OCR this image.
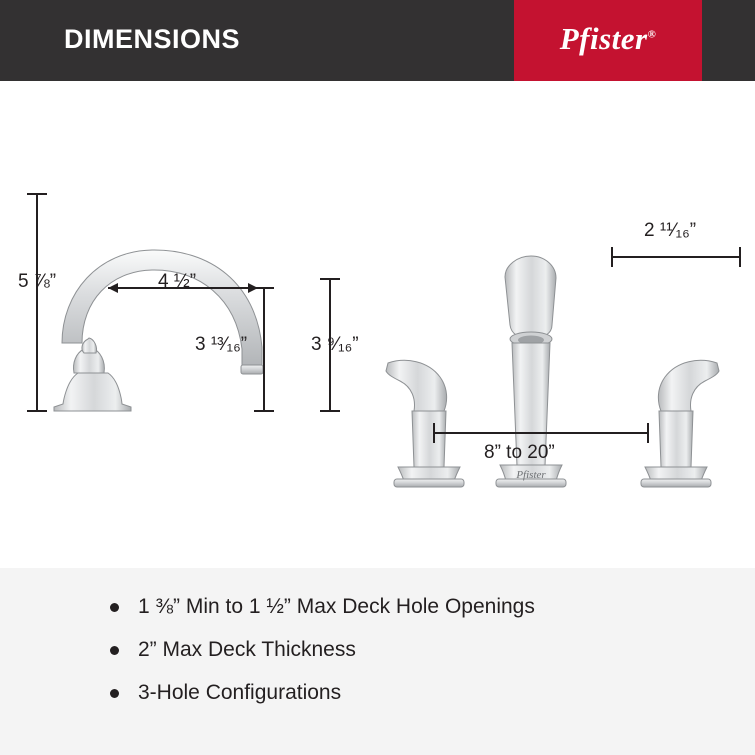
DIMENSIONS	Pfister®
Pfister
5 ⅞”	4 ½”
3 ¹³⁄₁₆”	3 ⁹⁄₁₆”
2 ¹¹⁄₁₆”
8” to 20”
1 ⅜” Min to 1 ½” Max Deck Hole Openings
2” Max Deck Thickness
3-Hole Configurations
